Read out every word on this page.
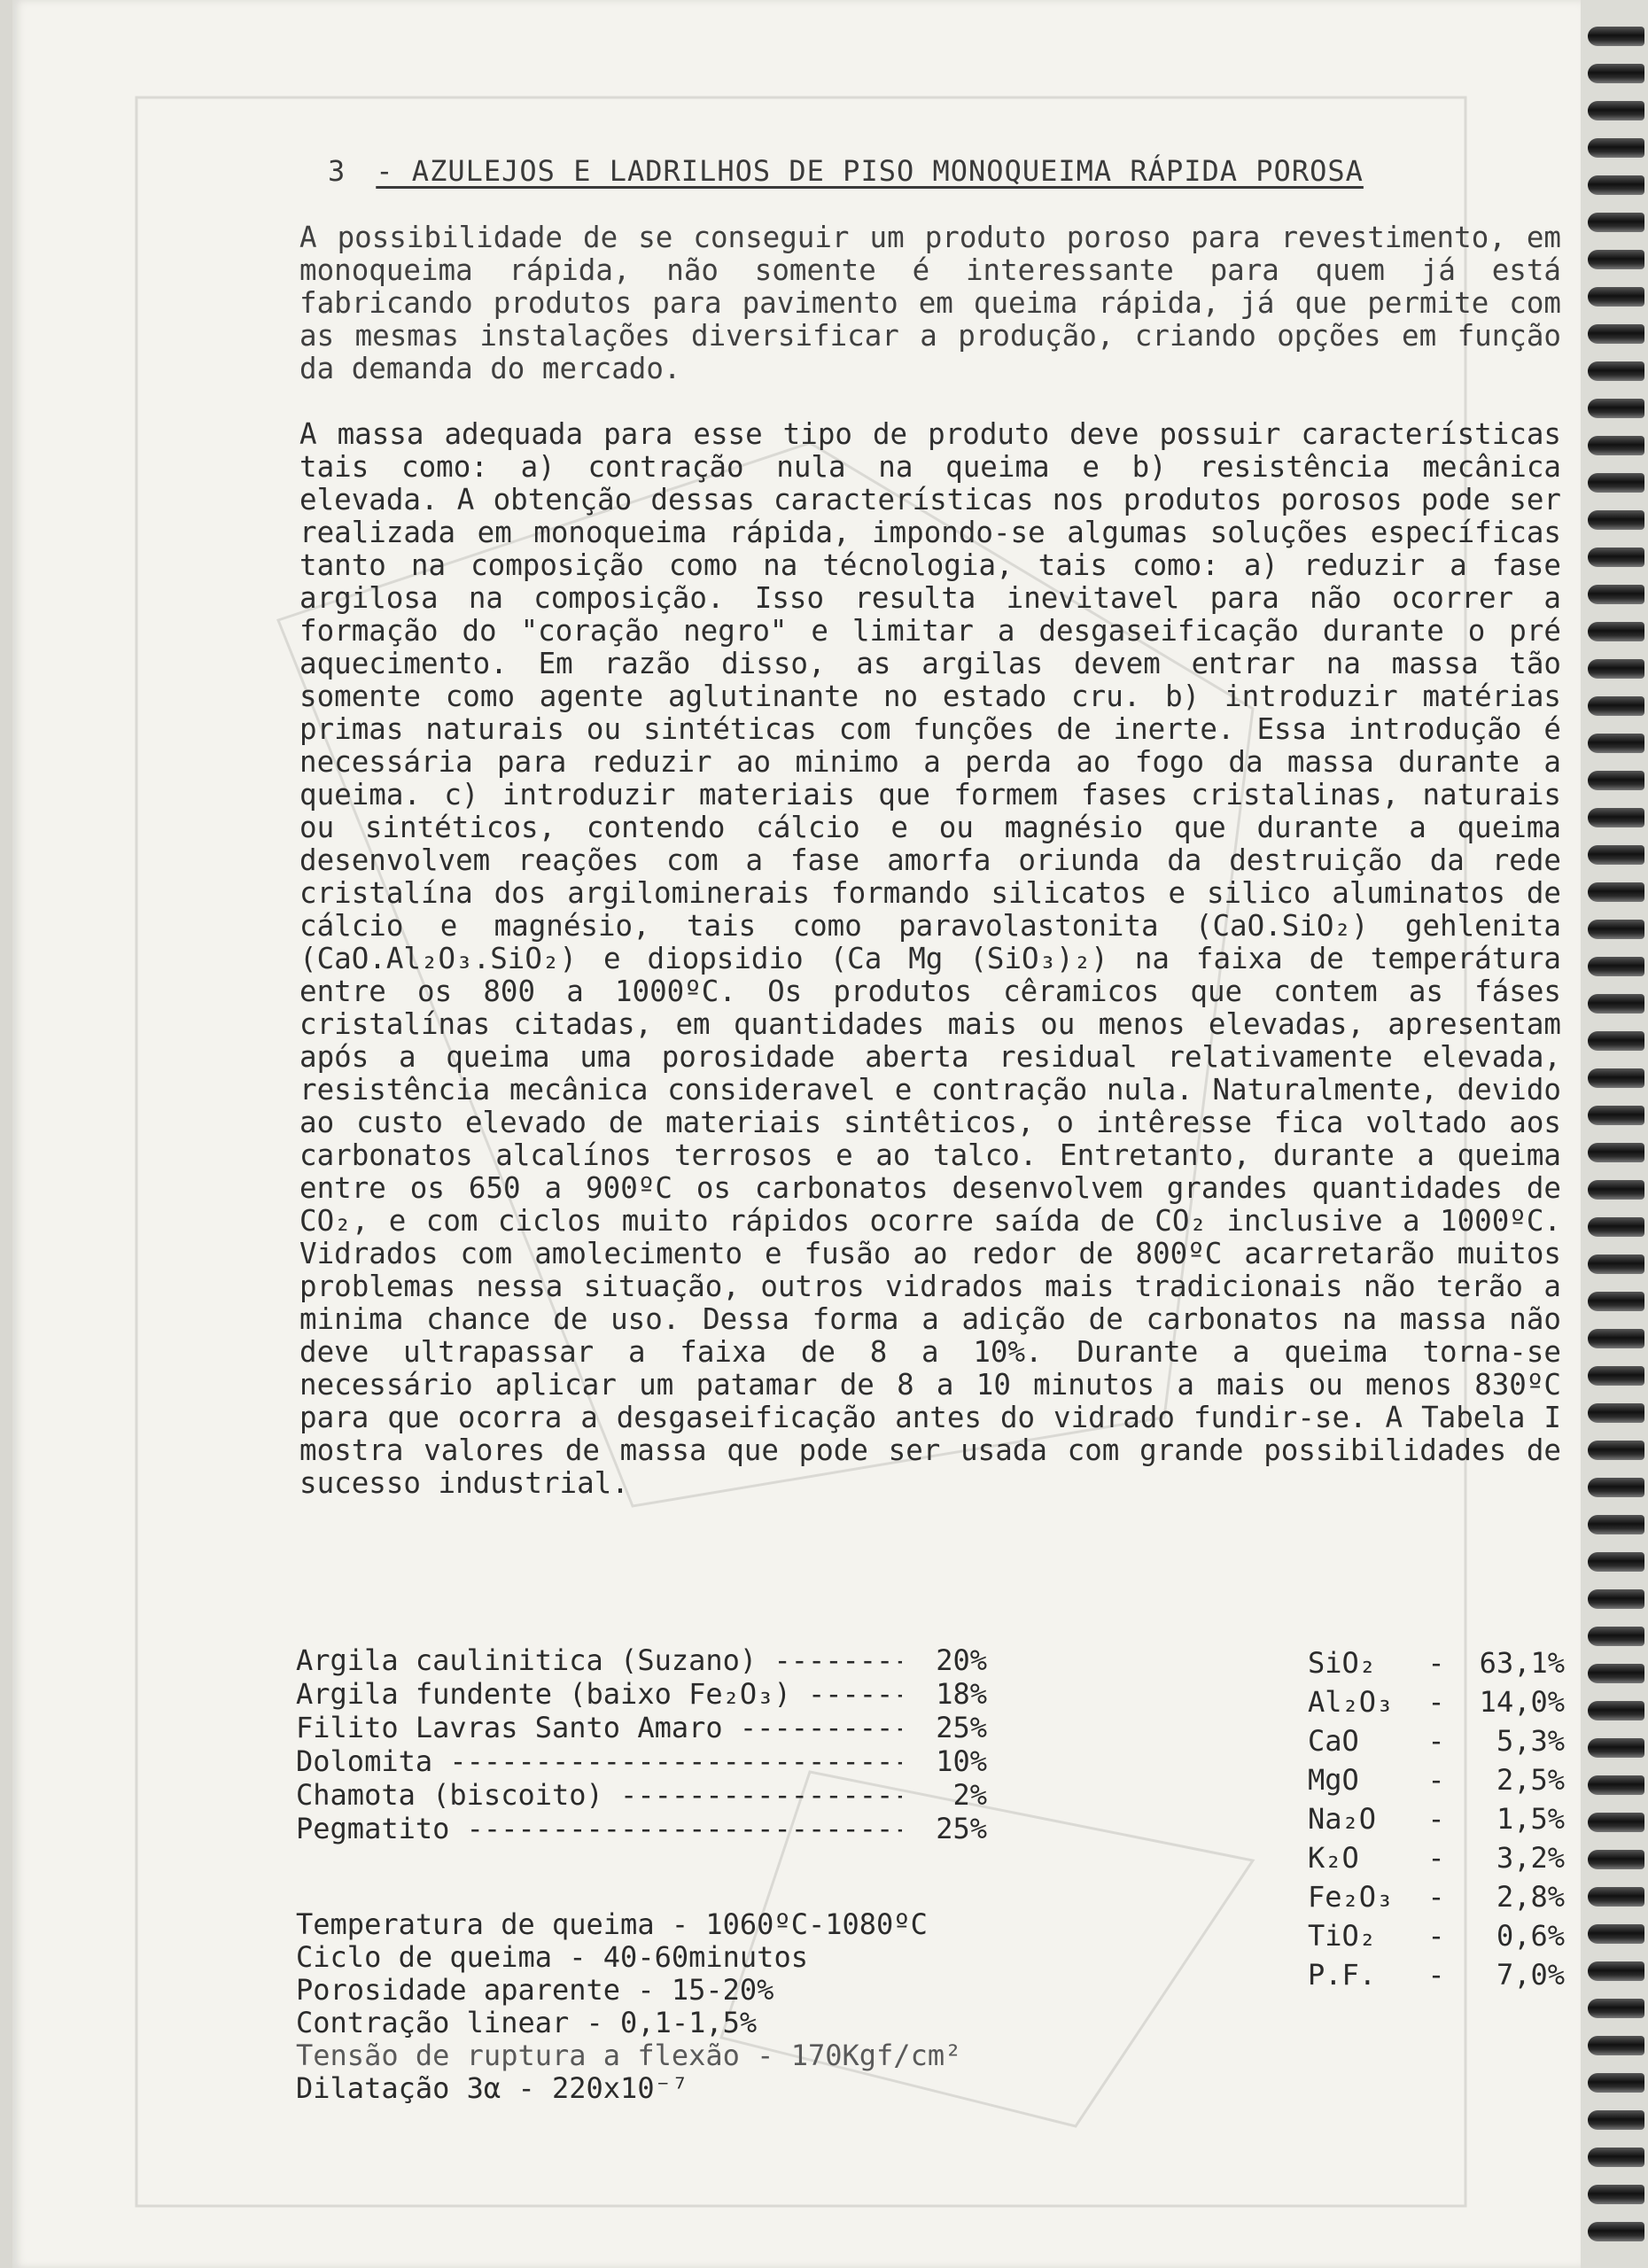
3 - AZULEJOS E LADRILHOS DE PISO MONOQUEIMA RÁPIDA POROSA
A possibilidade de se conseguir um produto poroso para revestimento, em monoqueima rápida, não somente é interessante para quem já está fabricando produtos para pavimento em queima rápida, já que permite com as mesmas instalações diversificar a produção, criando opções em função da demanda do mercado.
A massa adequada para esse tipo de produto deve possuir características tais como: a) contração nula na queima e b) resistência mecânica elevada. A obtenção dessas características nos produtos porosos pode ser realizada em monoqueima rápida, impondo-se algumas soluções específicas tanto na composição como na técnologia, tais como: a) reduzir a fase argilosa na composição. Isso resulta inevitavel para não ocorrer a formação do "coração negro" e limitar a desgaseificação durante o pré aquecimento. Em razão disso, as argilas devem entrar na massa tão somente como agente aglutinante no estado cru. b) introduzir matérias primas naturais ou sintéticas com funções de inerte. Essa introdução é necessária para reduzir ao minimo a perda ao fogo da massa durante a queima. c) introduzir materiais que formem fases cristalinas, naturais ou sintéticos, contendo cálcio e ou magnésio que durante a queima desenvolvem reações com a fase amorfa oriunda da destruição da rede cristalína dos argilominerais formando silicatos e silico aluminatos de cálcio e magnésio, tais como paravolastonita (CaO.SiO₂) gehlenita (CaO.Al₂O₃.SiO₂) e diopsidio (Ca Mg (SiO₃)₂) na faixa de temperátura entre os 800 a 1000ºC. Os produtos cêramicos que contem as fáses cristalínas citadas, em quantidades mais ou menos elevadas, apresentam após a queima uma porosidade aberta residual relativamente elevada, resistência mecânica consideravel e contração nula. Naturalmente, devido ao custo elevado de materiais sintêticos, o intêresse fica voltado aos carbonatos alcalínos terrosos e ao talco. Entretanto, durante a queima entre os 650 a 900ºC os carbonatos desenvolvem grandes quantidades de CO₂, e com ciclos muito rápidos ocorre saída de CO₂ inclusive a 1000ºC. Vidrados com amolecimento e fusão ao redor de 800ºC acarretarão muitos problemas nessa situação, outros vidrados mais tradicionais não terão a minima chance de uso. Dessa forma a adição de carbonatos na massa não deve ultrapassar a faixa de 8 a 10%. Durante a queima torna-se necessário aplicar um patamar de 8 a 10 minutos a mais ou menos 830ºC para que ocorra a desgaseificação antes do vidrado fundir-se. A Tabela I mostra valores de massa que pode ser usada com grande possibilidades de sucesso industrial.
Argila caulinitica (Suzano) -----	20%
Argila fundente (baixo Fe₂O₃) -----	18%
Filito Lavras Santo Amaro -----	25%
Dolomita -----	10%
Chamota (biscoito) -----	2%
Pegmatito -----	25%
SiO₂	-	63,1%
Al₂O₃	-	14,0%
CaO	-	5,3%
MgO	-	2,5%
Na₂O	-	1,5%
K₂O	-	3,2%
Fe₂O₃	-	2,8%
TiO₂	-	0,6%
P.F.	-	7,0%
Temperatura de queima - 1060ºC-1080ºC
Ciclo de queima - 40-60minutos
Porosidade aparente - 15-20%
Contração linear - 0,1-1,5%
Tensão de ruptura a flexão - 170Kgf/cm²
Dilatação 3α - 220x10⁻⁷
